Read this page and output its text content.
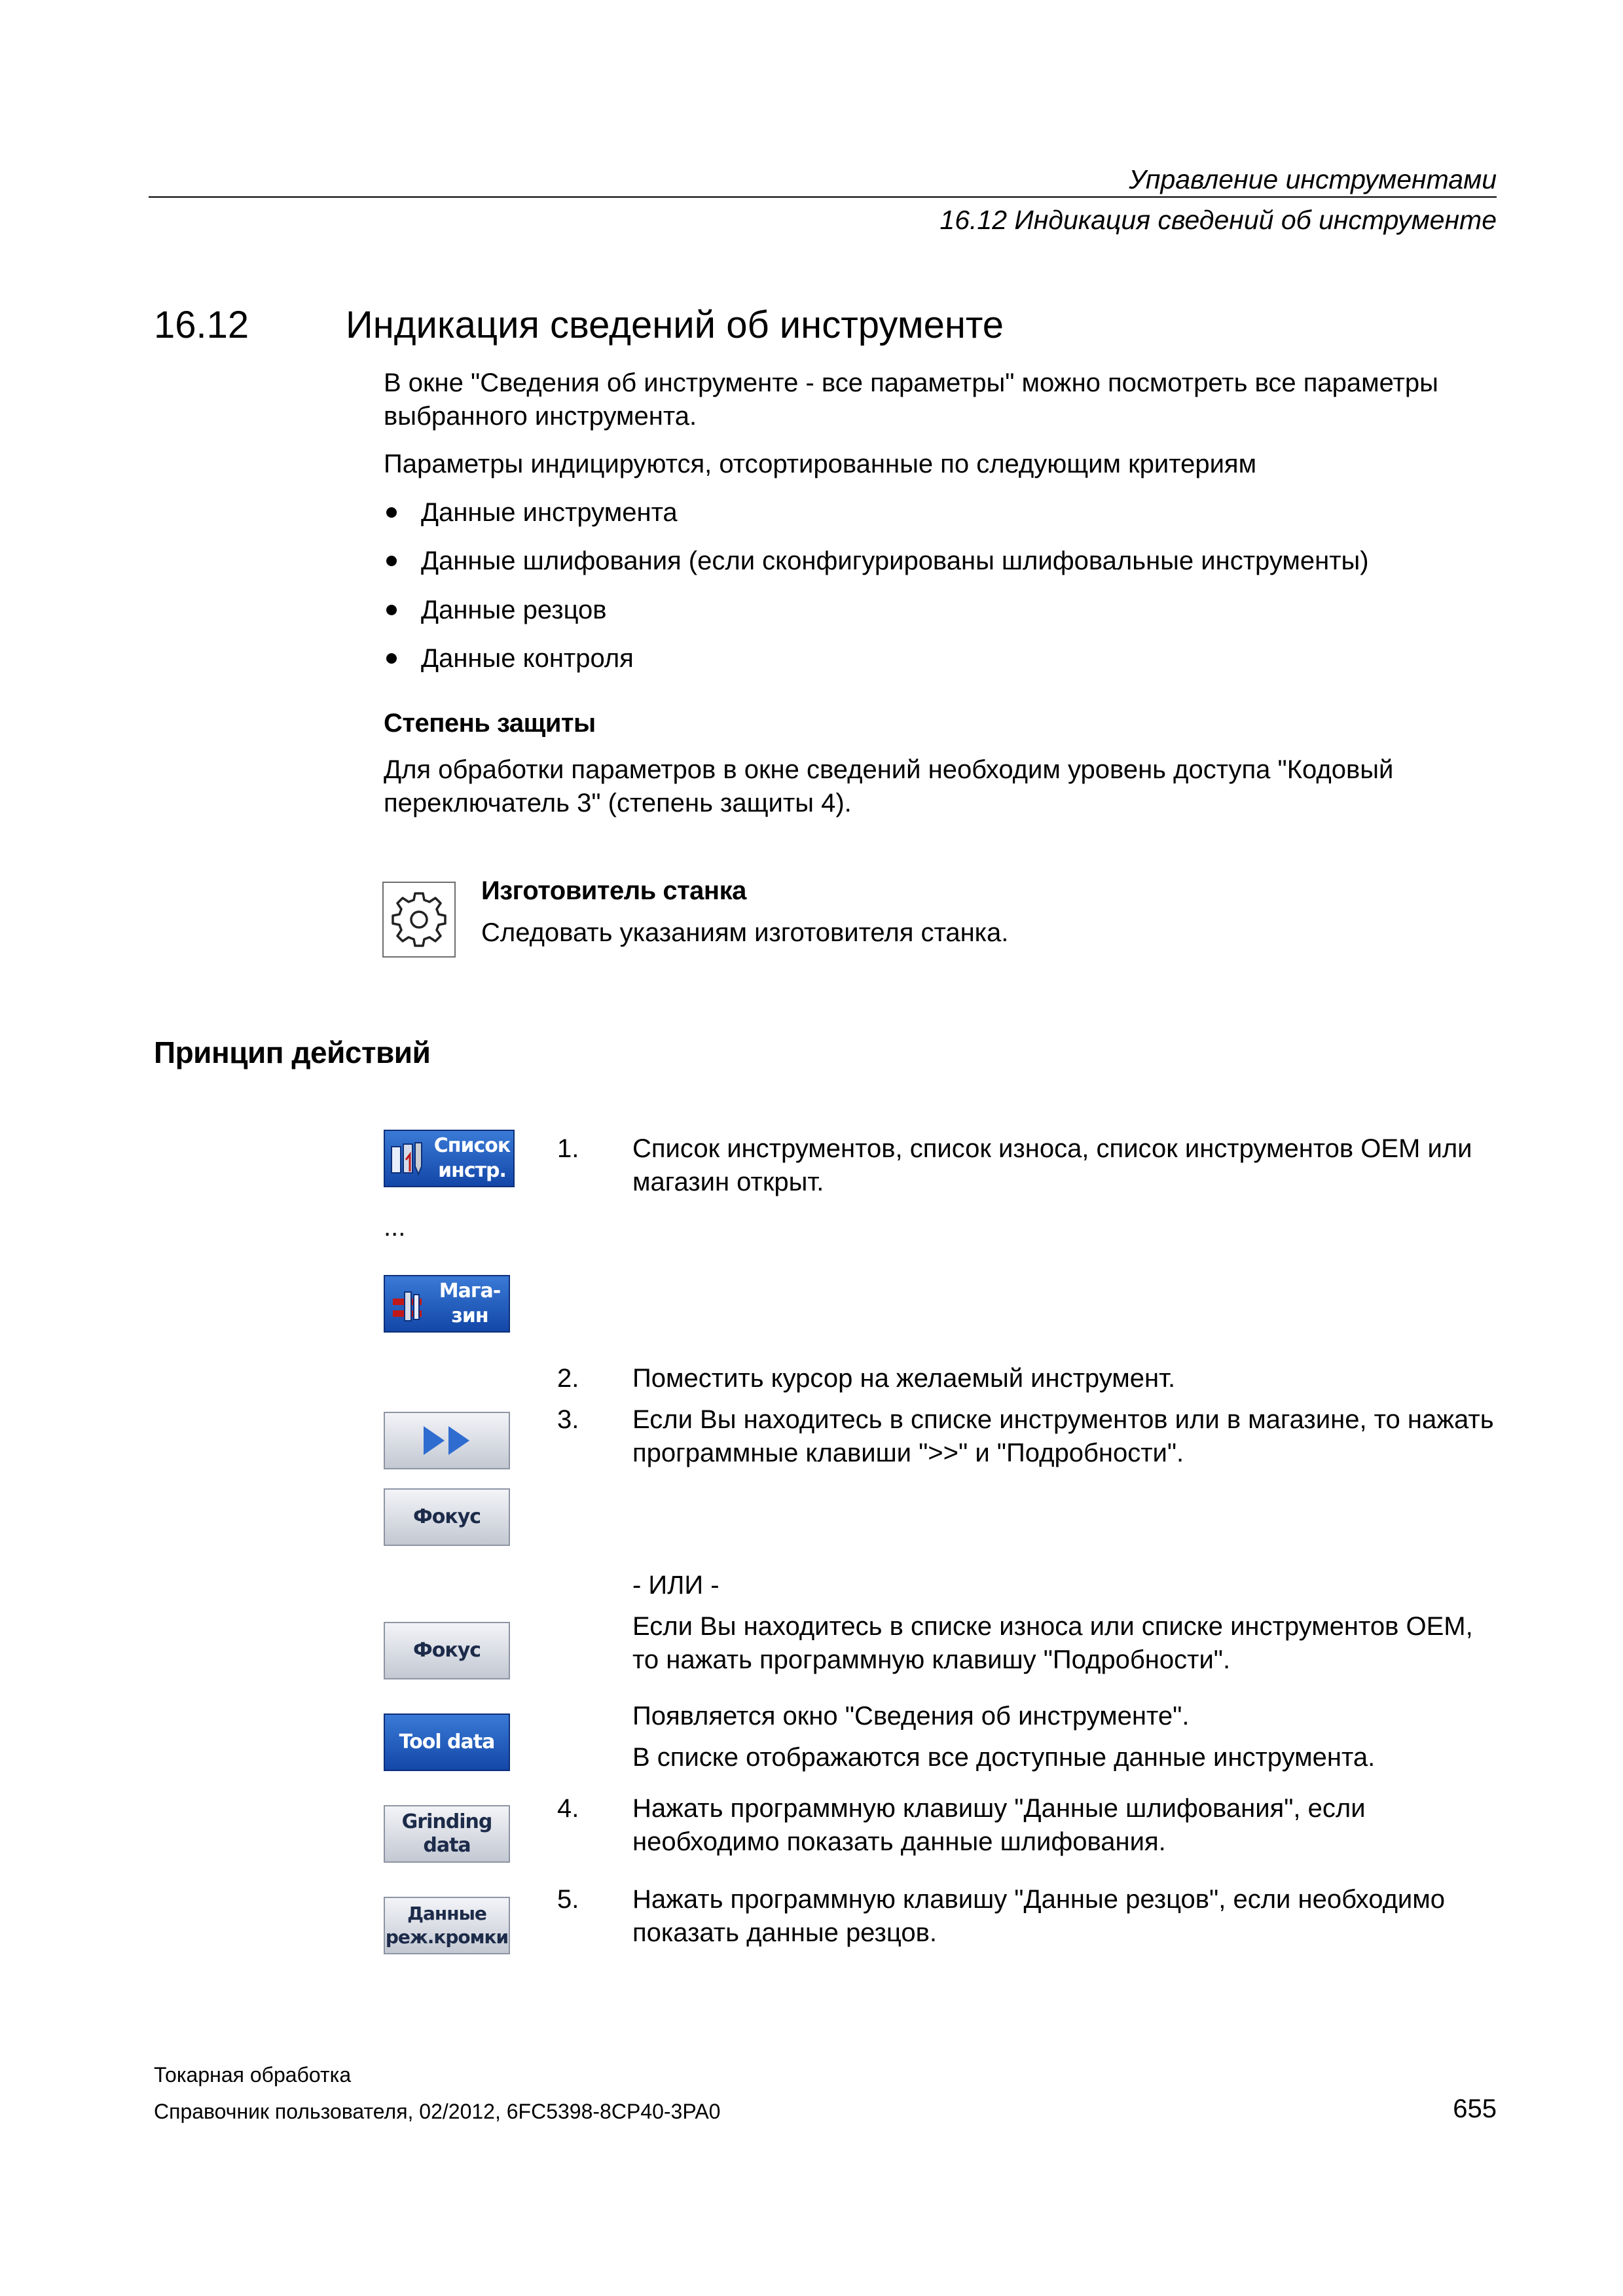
Управление инструментами
16.12 Индикация сведений об инструменте
16.12	Индикация сведений об инструменте
В окне "Сведения об инструменте - все параметры" можно посмотреть все параметры выбранного инструмента.
Параметры индицируются, отсортированные по следующим критериям
Данные инструмента
Данные шлифования (если сконфигурированы шлифовальные инструменты)
Данные резцов
Данные контроля
Степень защиты
Для обработки параметров в окне сведений необходим уровень доступа "Кодовый переключатель 3" (степень защиты 4).
Изготовитель станка
Следовать указаниям изготовителя станка.
Принцип действий
Список
инстр.
...
Мага-
зин
Фокус
Фокус
Tool data
Grinding
data
Данные
реж.кромки
1. Список инструментов, список износа, список инструментов OEM или магазин открыт.
2. Поместить курсор на желаемый инструмент.
3. Если Вы находитесь в списке инструментов или в магазине, то нажать программные клавиши ">>" и "Подробности".
- ИЛИ -
Если Вы находитесь в списке износа или списке инструментов OEM, то нажать программную клавишу "Подробности".
Появляется окно "Сведения об инструменте".
В списке отображаются все доступные данные инструмента.
4. Нажать программную клавишу "Данные шлифования", если необходимо показать данные шлифования.
5. Нажать программную клавишу "Данные резцов", если необходимо показать данные резцов.
Токарная обработка
Справочник пользователя, 02/2012, 6FC5398-8CP40-3PA0	655
